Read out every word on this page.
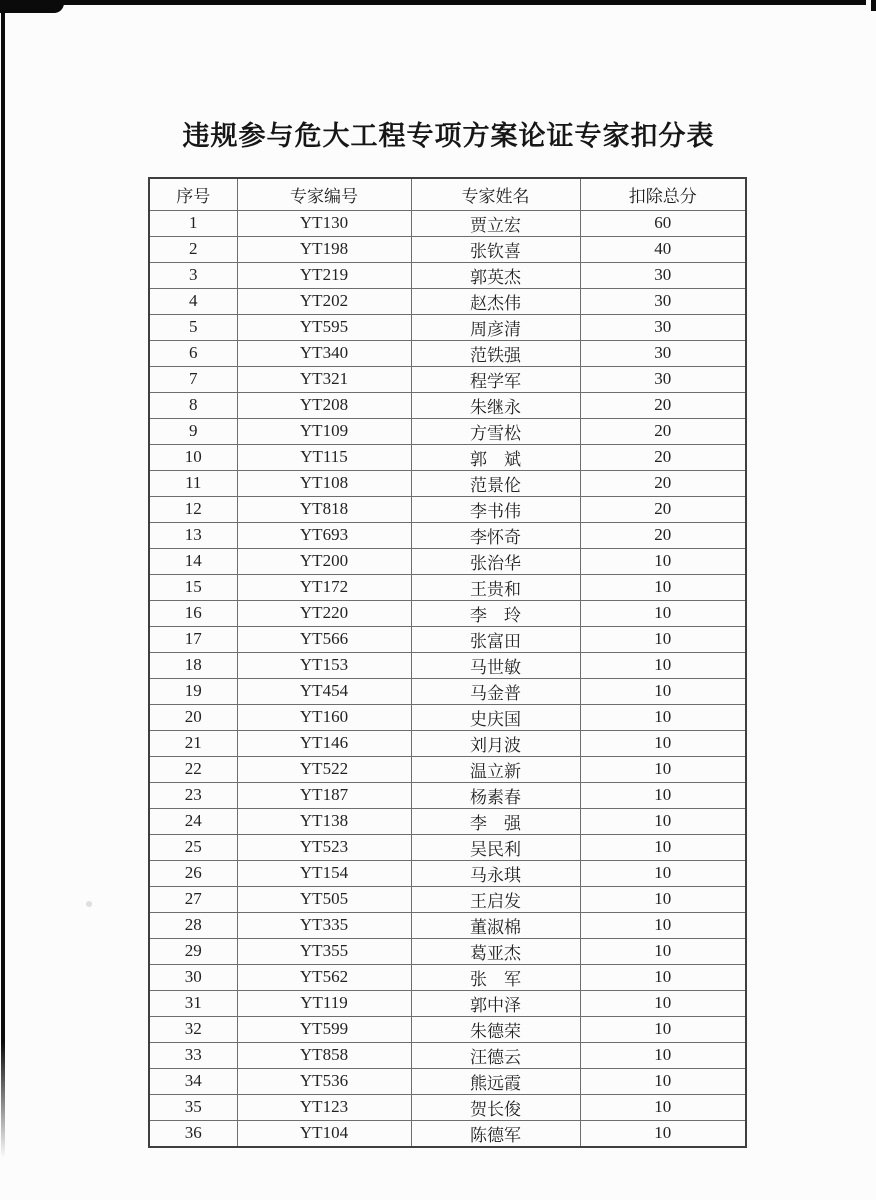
违规参与危大工程专项方案论证专家扣分表
序号	专家编号	专家姓名	扣除总分
1	YT130	贾立宏	60
2	YT198	张钦喜	40
3	YT219	郭英杰	30
4	YT202	赵杰伟	30
5	YT595	周彦清	30
6	YT340	范铁强	30
7	YT321	程学军	30
8	YT208	朱继永	20
9	YT109	方雪松	20
10	YT115	郭　斌	20
11	YT108	范景伦	20
12	YT818	李书伟	20
13	YT693	李怀奇	20
14	YT200	张治华	10
15	YT172	王贵和	10
16	YT220	李　玲	10
17	YT566	张富田	10
18	YT153	马世敏	10
19	YT454	马金普	10
20	YT160	史庆国	10
21	YT146	刘月波	10
22	YT522	温立新	10
23	YT187	杨素春	10
24	YT138	李　强	10
25	YT523	吴民利	10
26	YT154	马永琪	10
27	YT505	王启发	10
28	YT335	董淑棉	10
29	YT355	葛亚杰	10
30	YT562	张　军	10
31	YT119	郭中泽	10
32	YT599	朱德荣	10
33	YT858	汪德云	10
34	YT536	熊远霞	10
35	YT123	贺长俊	10
36	YT104	陈德军	10
